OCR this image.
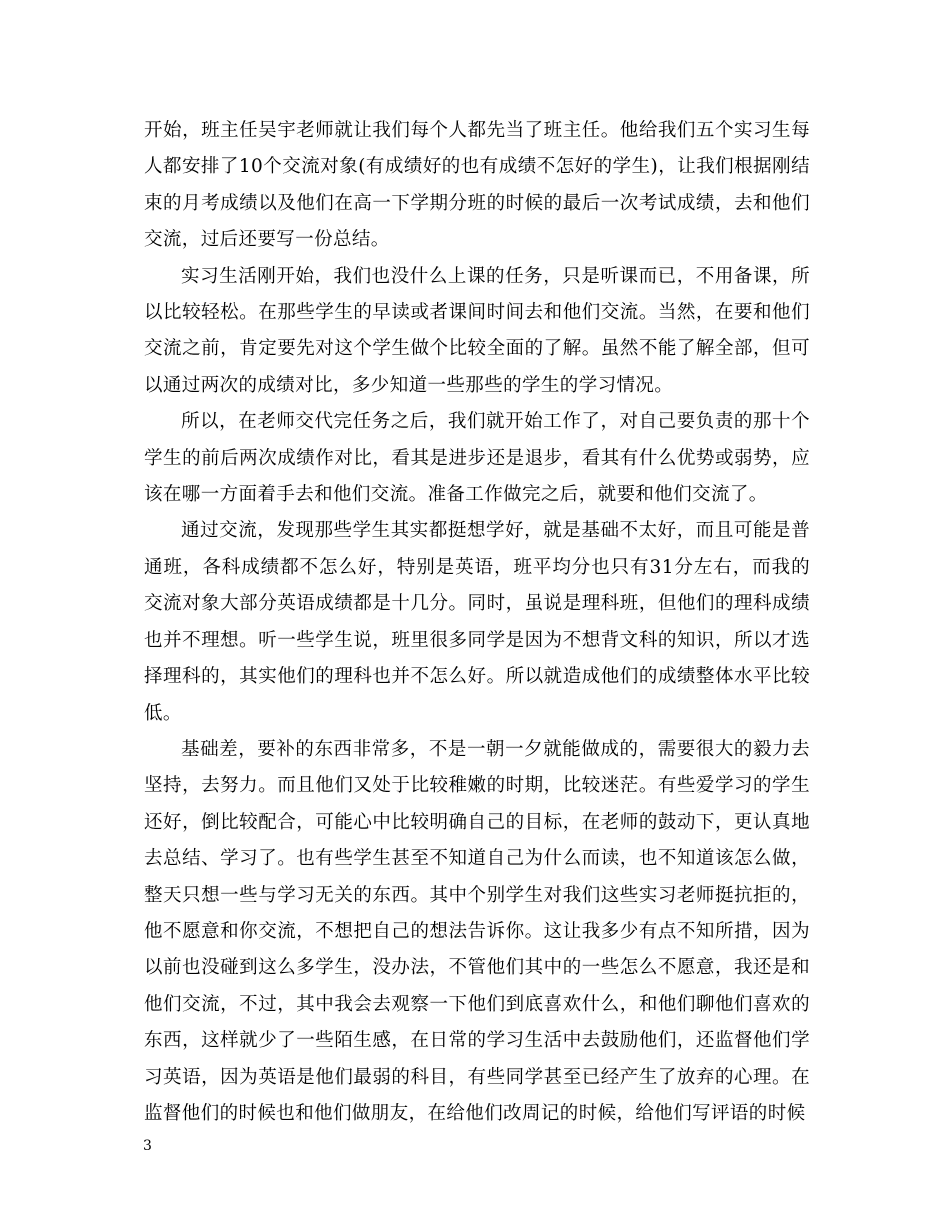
开始，班主任吴宇老师就让我们每个人都先当了班主任。他给我们五个实习生每人都安排了10个交流对象(有成绩好的也有成绩不怎好的学生)，让我们根据刚结束的月考成绩以及他们在高一下学期分班的时候的最后一次考试成绩，去和他们交流，过后还要写一份总结。

实习生活刚开始，我们也没什么上课的任务，只是听课而已，不用备课，所以比较轻松。在那些学生的早读或者课间时间去和他们交流。当然，在要和他们交流之前，肯定要先对这个学生做个比较全面的了解。虽然不能了解全部，但可以通过两次的成绩对比，多少知道一些那些的学生的学习情况。

所以，在老师交代完任务之后，我们就开始工作了，对自己要负责的那十个学生的前后两次成绩作对比，看其是进步还是退步，看其有什么优势或弱势，应该在哪一方面着手去和他们交流。准备工作做完之后，就要和他们交流了。

通过交流，发现那些学生其实都挺想学好，就是基础不太好，而且可能是普通班，各科成绩都不怎么好，特别是英语，班平均分也只有31分左右，而我的交流对象大部分英语成绩都是十几分。同时，虽说是理科班，但他们的理科成绩也并不理想。听一些学生说，班里很多同学是因为不想背文科的知识，所以才选择理科的，其实他们的理科也并不怎么好。所以就造成他们的成绩整体水平比较低。

基础差，要补的东西非常多，不是一朝一夕就能做成的，需要很大的毅力去坚持，去努力。而且他们又处于比较稚嫩的时期，比较迷茫。有些爱学习的学生还好，倒比较配合，可能心中比较明确自己的目标，在老师的鼓动下，更认真地去总结、学习了。也有些学生甚至不知道自己为什么而读，也不知道该怎么做，整天只想一些与学习无关的东西。其中个别学生对我们这些实习老师挺抗拒的，他不愿意和你交流，不想把自己的想法告诉你。这让我多少有点不知所措，因为以前也没碰到这么多学生，没办法，不管他们其中的一些怎么不愿意，我还是和他们交流，不过，其中我会去观察一下他们到底喜欢什么，和他们聊他们喜欢的东西，这样就少了一些陌生感，在日常的学习生活中去鼓励他们，还监督他们学习英语，因为英语是他们最弱的科目，有些同学甚至已经产生了放弃的心理。在监督他们的时候也和他们做朋友，在给他们改周记的时候，给他们写评语的时候

3
